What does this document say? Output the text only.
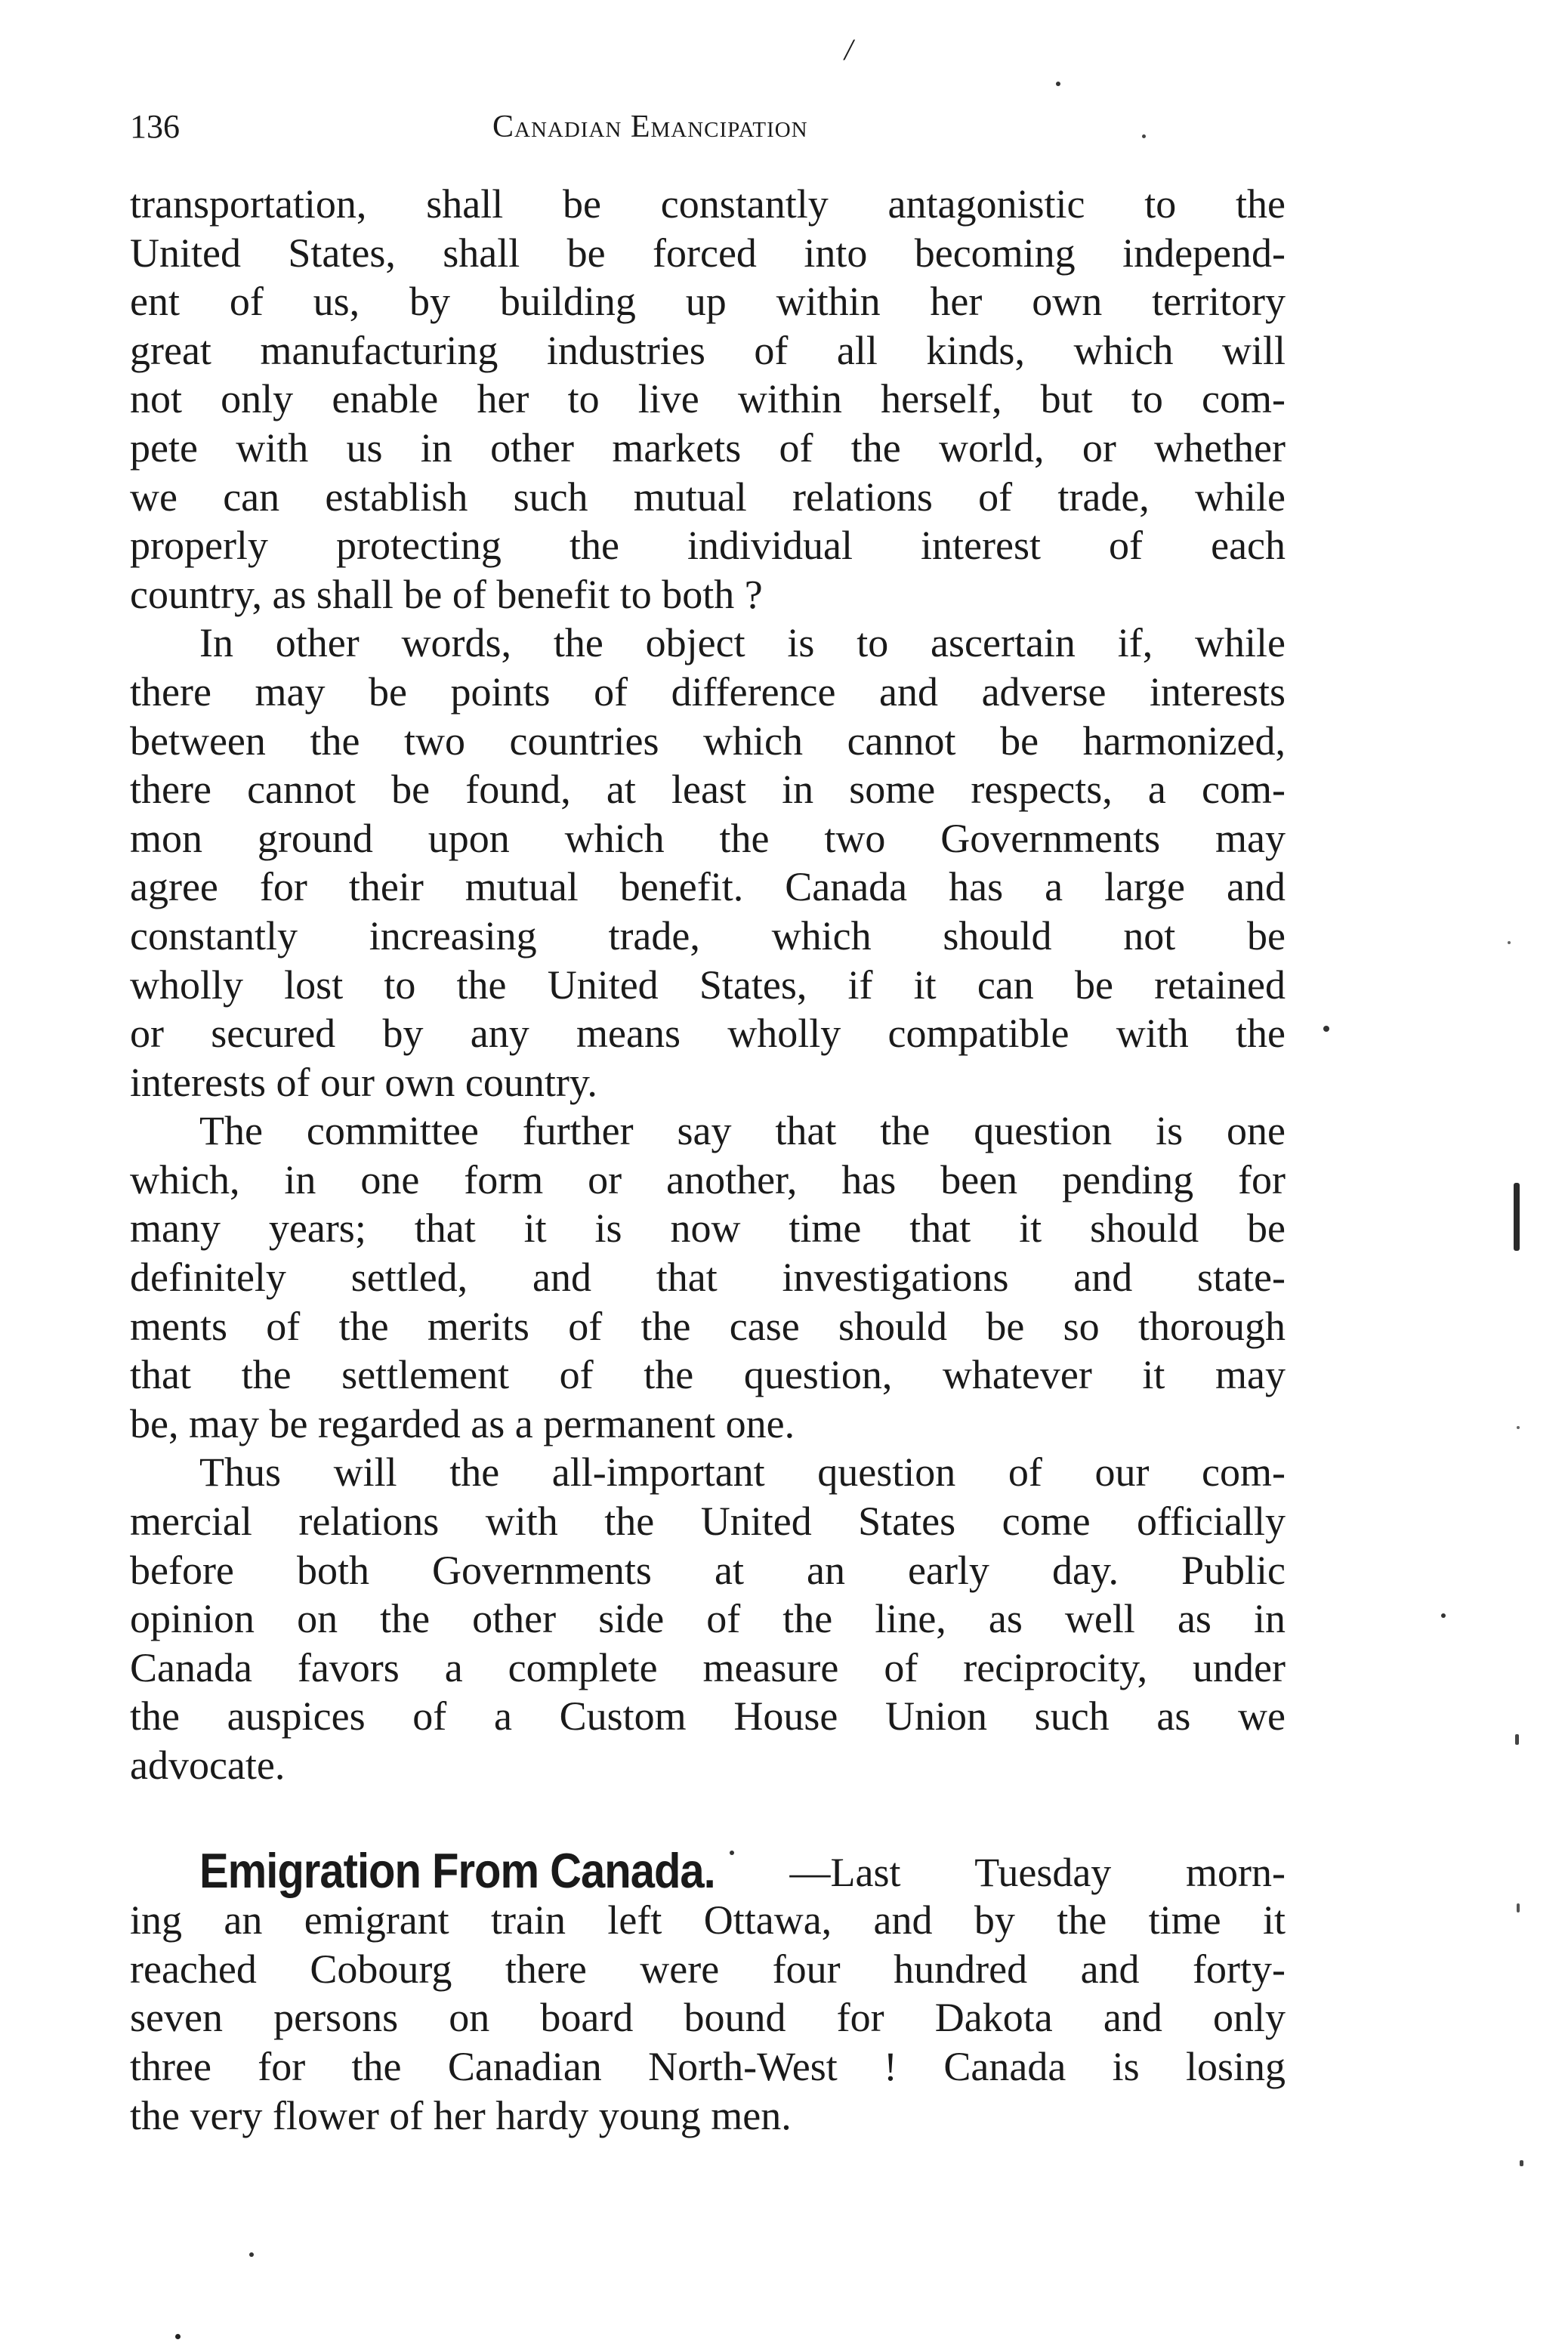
/
136	Canadian Emancipation
transportation, shall be constantly antagonistic to the
United States, shall be forced into becoming independ-
ent of us, by building up within her own territory
great manufacturing industries of all kinds, which will
not only enable her to live within herself, but to com-
pete with us in other markets of the world, or whether
we can establish such mutual relations of trade, while
properly protecting the individual interest of each
country, as shall be of benefit to both ?
In other words, the object is to ascertain if, while
there may be points of difference and adverse interests
between the two countries which cannot be harmonized,
there cannot be found, at least in some respects, a com-
mon ground upon which the two Governments may
agree for their mutual benefit. Canada has a large and
constantly increasing trade, which should not be
wholly lost to the United States, if it can be retained
or secured by any means wholly compatible with the
interests of our own country.
The committee further say that the question is one
which, in one form or another, has been pending for
many years; that it is now time that it should be
definitely settled, and that investigations and state-
ments of the merits of the case should be so thorough
that the settlement of the question, whatever it may
be, may be regarded as a permanent one.
Thus will the all-important question of our com-
mercial relations with the United States come officially
before both Governments at an early day. Public
opinion on the other side of the line, as well as in
Canada favors a complete measure of reciprocity, under
the auspices of a Custom House Union such as we
advocate.
Emigration From Canada. —Last Tuesday morn-
ing an emigrant train left Ottawa, and by the time it
reached Cobourg there were four hundred and forty-
seven persons on board bound for Dakota and only
three for the Canadian North-West ! Canada is losing
the very flower of her hardy young men.
